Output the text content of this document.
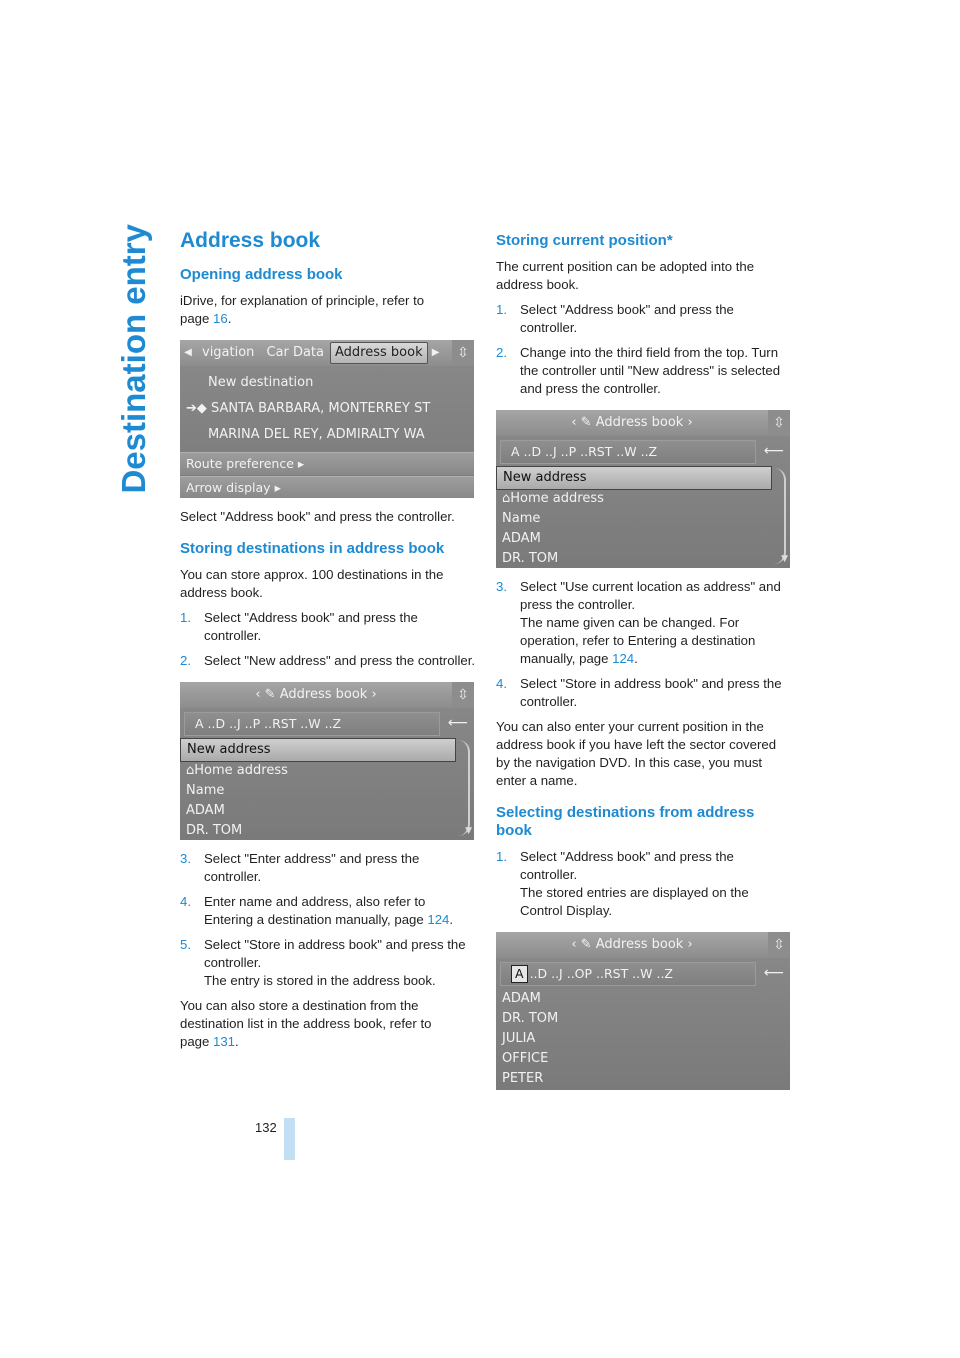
Destination entry Address book
Opening address book

iDrive, for explanation of principle, refer to page 16.

◀ vigation Car Data Address book ▶	⇳
New destination
➔◆ SANTA BARBARA, MONTERREY ST
MARINA DEL REY, ADMIRALTY WA
Route preference ▸
Arrow display ▸

Select "Address book" and press the controller.

Storing destinations in address book

You can store approx. 100 destinations in the address book.

1. Select "Address book" and press the controller.
2. Select "New address" and press the controller.
‹ ✎ Address book ›	⇳
A ..D ..J ..P ..RST ..W ..Z	⟵
New address
⌂Home address
Name
ADAM
DR. TOM	▼
3. Select "Enter address" and press the controller.
4. Enter name and address, also refer to Entering a destination manually, page 124.
5. Select "Store in address book" and press the controller.
The entry is stored in the address book.

You can also store a destination from the destination list in the address book, refer to page 131.

Storing current position*

The current position can be adopted into the address book.

1. Select "Address book" and press the controller.
2. Change into the third field from the top. Turn the controller until "New address" is selected and press the controller.
‹ ✎ Address book ›	⇳
A ..D ..J ..P ..RST ..W ..Z	⟵
New address
⌂Home address
Name
ADAM
DR. TOM	▼
3. Select "Use current location as address" and press the controller.
The name given can be changed. For operation, refer to Entering a destination manually, page 124.
4. Select "Store in address book" and press the controller.

You can also enter your current position in the address book if you have left the sector covered by the navigation DVD. In this case, you must enter a name.

Selecting destinations from address book
1. Select "Address book" and press the controller.
The stored entries are displayed on the Control Display.
‹ ✎ Address book ›	⇳
A ..D ..J ..OP ..RST ..W ..Z	⟵
ADAM
DR. TOM
JULIA
OFFICE
PETER
132
